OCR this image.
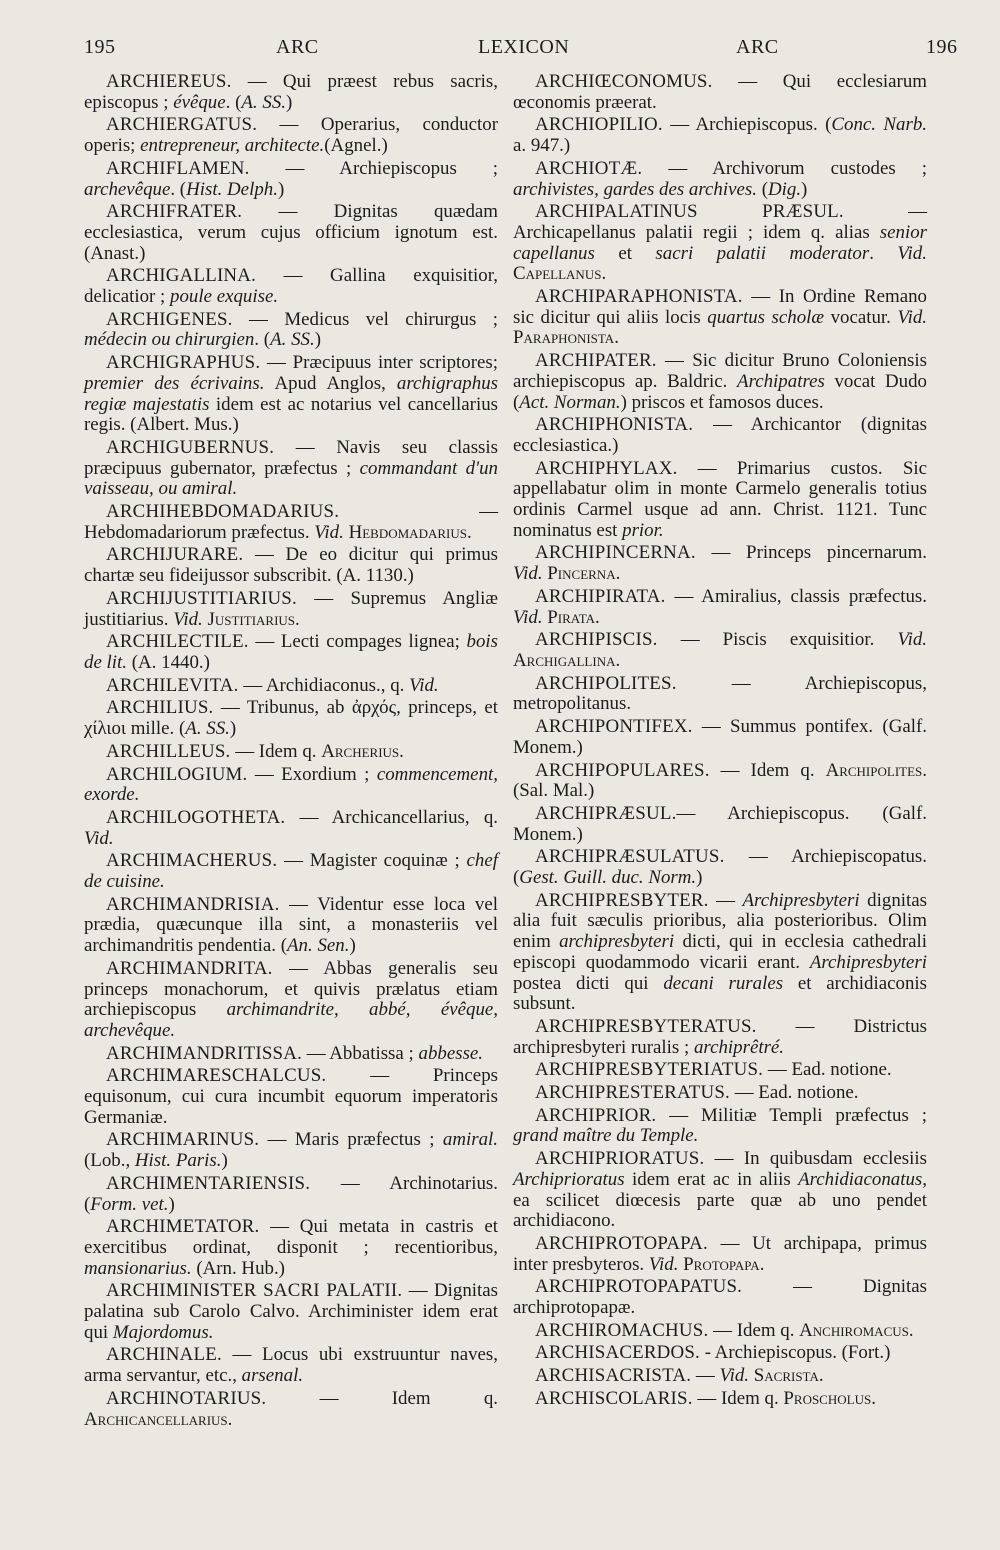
195	ARC	LEXICON	ARC	196

ARCHIEREUS. — Qui præest rebus sacris, episcopus ; évêque. (A. SS.)

ARCHIERGATUS. — Operarius, conductor operis; entrepreneur, architecte.(Agnel.)

ARCHIFLAMEN. — Archiepiscopus ; archevêque. (Hist. Delph.)

ARCHIFRATER. — Dignitas quædam ecclesiastica, verum cujus officium ignotum est. (Anast.)

ARCHIGALLINA. — Gallina exquisitior, delicatior ; poule exquise.

ARCHIGENES. — Medicus vel chirurgus ; médecin ou chirurgien. (A. SS.)

ARCHIGRAPHUS. — Præcipuus inter scriptores; premier des écrivains. Apud Anglos, archigraphus regiæ majestatis idem est ac notarius vel cancellarius regis. (Albert. Mus.)

ARCHIGUBERNUS. — Navis seu classis præcipuus gubernator, præfectus ; commandant d'un vaisseau, ou amiral.

ARCHIHEBDOMADARIUS. — Hebdomadariorum præfectus. Vid. Hebdomadarius.

ARCHIJURARE. — De eo dicitur qui primus chartæ seu fideijussor subscribit. (A. 1130.)

ARCHIJUSTITIARIUS. — Supremus Angliæ justitiarius. Vid. Justitiarius.

ARCHILECTILE. — Lecti compages lignea; bois de lit. (A. 1440.)

ARCHILEVITA. — Archidiaconus., q. Vid.

ARCHILIUS. — Tribunus, ab ἀρχός, princeps, et χίλιοι mille. (A. SS.)

ARCHILLEUS. — Idem q. Archerius.

ARCHILOGIUM. — Exordium ; commencement, exorde.

ARCHILOGOTHETA. — Archicancellarius, q. Vid.

ARCHIMACHERUS. — Magister coquinæ ; chef de cuisine.

ARCHIMANDRISIA. — Videntur esse loca vel prædia, quæcunque illa sint, a monasteriis vel archimandritis pendentia. (An. Sen.)

ARCHIMANDRITA. — Abbas generalis seu princeps monachorum, et quivis prælatus etiam archiepiscopus archimandrite, abbé, évêque, archevêque.

ARCHIMANDRITISSA. — Abbatissa ; abbesse.

ARCHIMARESCHALCUS. — Princeps equisonum, cui cura incumbit equorum imperatoris Germaniæ.

ARCHIMARINUS. — Maris præfectus ; amiral. (Lob., Hist. Paris.)

ARCHIMENTARIENSIS. — Archinotarius. (Form. vet.)

ARCHIMETATOR. — Qui metata in castris et exercitibus ordinat, disponit ; recentioribus, mansionarius. (Arn. Hub.)

ARCHIMINISTER SACRI PALATII. — Dignitas palatina sub Carolo Calvo. Archiminister idem erat qui Majordomus.

ARCHINALE. — Locus ubi exstruuntur naves, arma servantur, etc., arsenal.

ARCHINOTARIUS. — Idem q. Archicancellarius.

ARCHIŒCONOMUS. — Qui ecclesiarum œconomis præerat.

ARCHIOPILIO. — Archiepiscopus. (Conc. Narb. a. 947.)

ARCHIOTÆ. — Archivorum custodes ; archivistes, gardes des archives. (Dig.)

ARCHIPALATINUS PRÆSUL. — Archicapellanus palatii regii ; idem q. alias senior capellanus et sacri palatii moderator. Vid. Capellanus.

ARCHIPARAPHONISTA. — In Ordine Remano sic dicitur qui aliis locis quartus scholæ vocatur. Vid. Paraphonista.

ARCHIPATER. — Sic dicitur Bruno Coloniensis archiepiscopus ap. Baldric. Archipatres vocat Dudo (Act. Norman.) priscos et famosos duces.

ARCHIPHONISTA. — Archicantor (dignitas ecclesiastica.)

ARCHIPHYLAX. — Primarius custos. Sic appellabatur olim in monte Carmelo generalis totius ordinis Carmel usque ad ann. Christ. 1121. Tunc nominatus est prior.

ARCHIPINCERNA. — Princeps pincernarum. Vid. Pincerna.

ARCHIPIRATA. — Amiralius, classis præfectus. Vid. Pirata.

ARCHIPISCIS. — Piscis exquisitior. Vid. Archigallina.

ARCHIPOLITES. — Archiepiscopus, metropolitanus.

ARCHIPONTIFEX. — Summus pontifex. (Galf. Monem.)

ARCHIPOPULARES. — Idem q. Archipolites. (Sal. Mal.)

ARCHIPRÆSUL.— Archiepiscopus. (Galf. Monem.)

ARCHIPRÆSULATUS. — Archiepiscopatus. (Gest. Guill. duc. Norm.)

ARCHIPRESBYTER. — Archipresbyteri dignitas alia fuit sæculis prioribus, alia posterioribus. Olim enim archipresbyteri dicti, qui in ecclesia cathedrali episcopi quodammodo vicarii erant. Archipresbyteri postea dicti qui decani rurales et archidiaconis subsunt.

ARCHIPRESBYTERATUS. — Districtus archipresbyteri ruralis ; archiprêtré.

ARCHIPRESBYTERIATUS. — Ead. notione.

ARCHIPRESTERATUS. — Ead. notione.

ARCHIPRIOR. — Militiæ Templi præfectus ; grand maître du Temple.

ARCHIPRIORATUS. — In quibusdam ecclesiis Archiprioratus idem erat ac in aliis Archidiaconatus, ea scilicet diœcesis parte quæ ab uno pendet archidiacono.

ARCHIPROTOPAPA. — Ut archipapa, primus inter presbyteros. Vid. Protopapa.

ARCHIPROTOPAPATUS. — Dignitas archiprotopapæ.

ARCHIROMACHUS. — Idem q. Anchiromacus.

ARCHISACERDOS. - Archiepiscopus. (Fort.)

ARCHISACRISTA. — Vid. Sacrista.

ARCHISCOLARIS. — Idem q. Proscholus.
